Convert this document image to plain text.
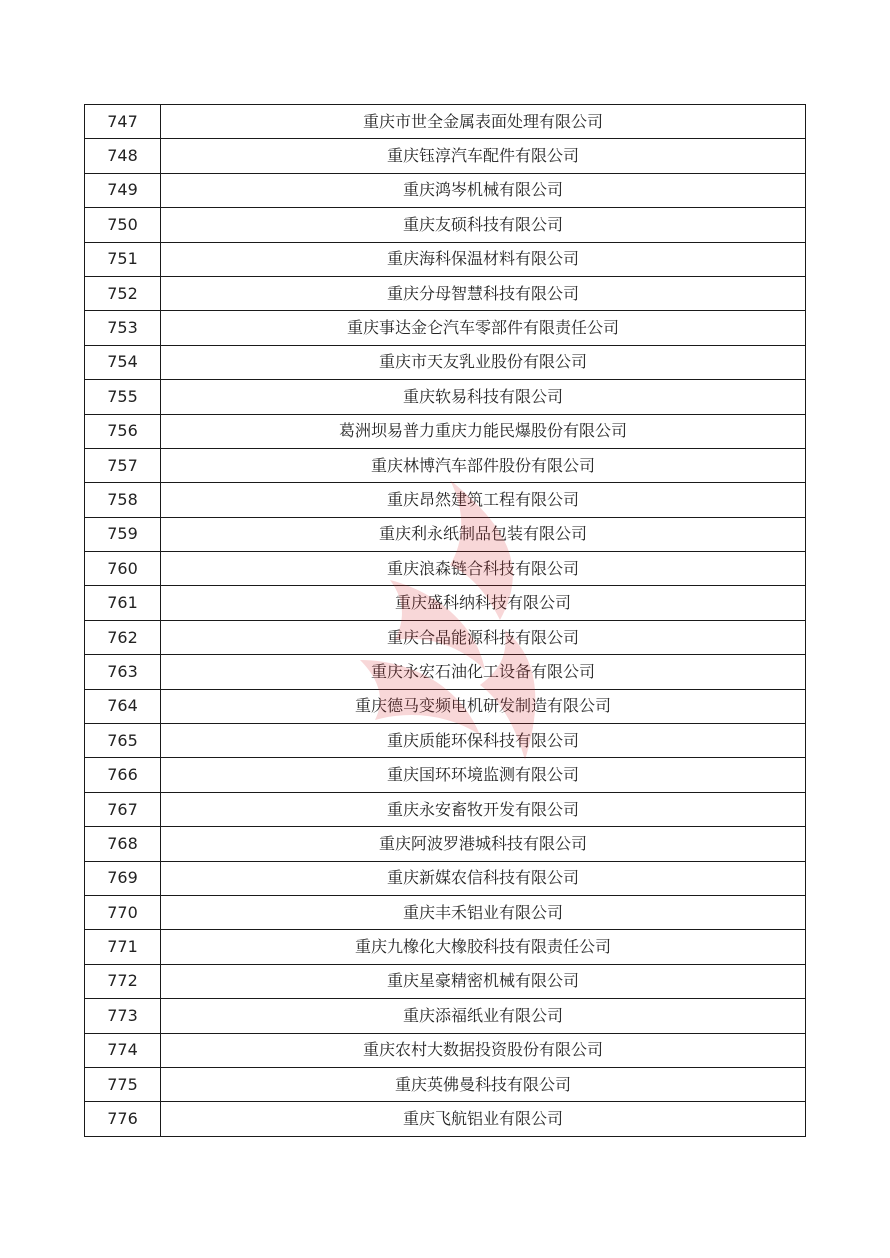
747	重庆市世全金属表面处理有限公司
748	重庆钰淳汽车配件有限公司
749	重庆鸿岑机械有限公司
750	重庆友硕科技有限公司
751	重庆海科保温材料有限公司
752	重庆分母智慧科技有限公司
753	重庆事达金仑汽车零部件有限责任公司
754	重庆市天友乳业股份有限公司
755	重庆软易科技有限公司
756	葛洲坝易普力重庆力能民爆股份有限公司
757	重庆林博汽车部件股份有限公司
758	重庆昂然建筑工程有限公司
759	重庆利永纸制品包装有限公司
760	重庆浪森链合科技有限公司
761	重庆盛科纳科技有限公司
762	重庆合晶能源科技有限公司
763	重庆永宏石油化工设备有限公司
764	重庆德马变频电机研发制造有限公司
765	重庆质能环保科技有限公司
766	重庆国环环境监测有限公司
767	重庆永安畜牧开发有限公司
768	重庆阿波罗港城科技有限公司
769	重庆新媒农信科技有限公司
770	重庆丰禾铝业有限公司
771	重庆九橡化大橡胶科技有限责任公司
772	重庆星豪精密机械有限公司
773	重庆添福纸业有限公司
774	重庆农村大数据投资股份有限公司
775	重庆英佛曼科技有限公司
776	重庆飞航铝业有限公司
